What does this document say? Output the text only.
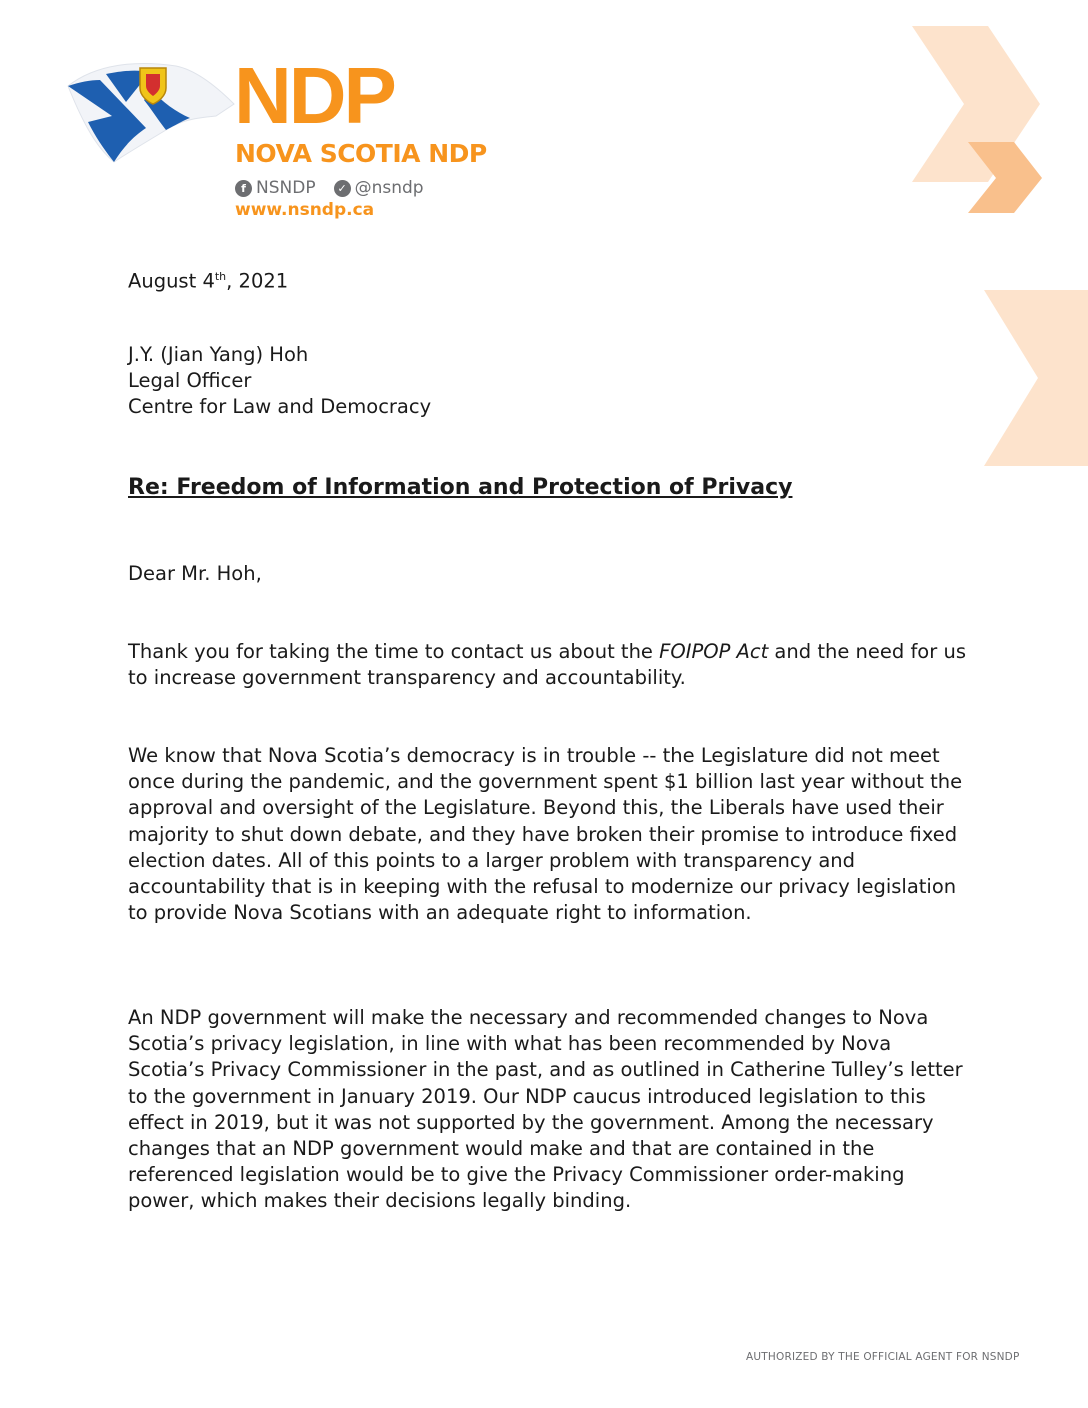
NDP

NOVA SCOTIA NDP

f NSNDP	✓ @nsndp
www.nsndp.ca

August 4th, 2021

J.Y. (Jian Yang) Hoh
Legal Officer
Centre for Law and Democracy

Re: Freedom of Information and Protection of Privacy

Dear Mr. Hoh,

Thank you for taking the time to contact us about the FOIPOP Act and the need for us to increase government transparency and accountability.

We know that Nova Scotia’s democracy is in trouble -- the Legislature did not meet once during the pandemic, and the government spent $1 billion last year without the approval and oversight of the Legislature. Beyond this, the Liberals have used their majority to shut down debate, and they have broken their promise to introduce fixed election dates. All of this points to a larger problem with transparency and accountability that is in keeping with the refusal to modernize our privacy legislation to provide Nova Scotians with an adequate right to information.

An NDP government will make the necessary and recommended changes to Nova Scotia’s privacy legislation, in line with what has been recommended by Nova Scotia’s Privacy Commissioner in the past, and as outlined in Catherine Tulley’s letter to the government in January 2019. Our NDP caucus introduced legislation to this effect in 2019, but it was not supported by the government. Among the necessary changes that an NDP government would make and that are contained in the referenced legislation would be to give the Privacy Commissioner order-making power, which makes their decisions legally binding.

AUTHORIZED BY THE OFFICIAL AGENT FOR NSNDP
